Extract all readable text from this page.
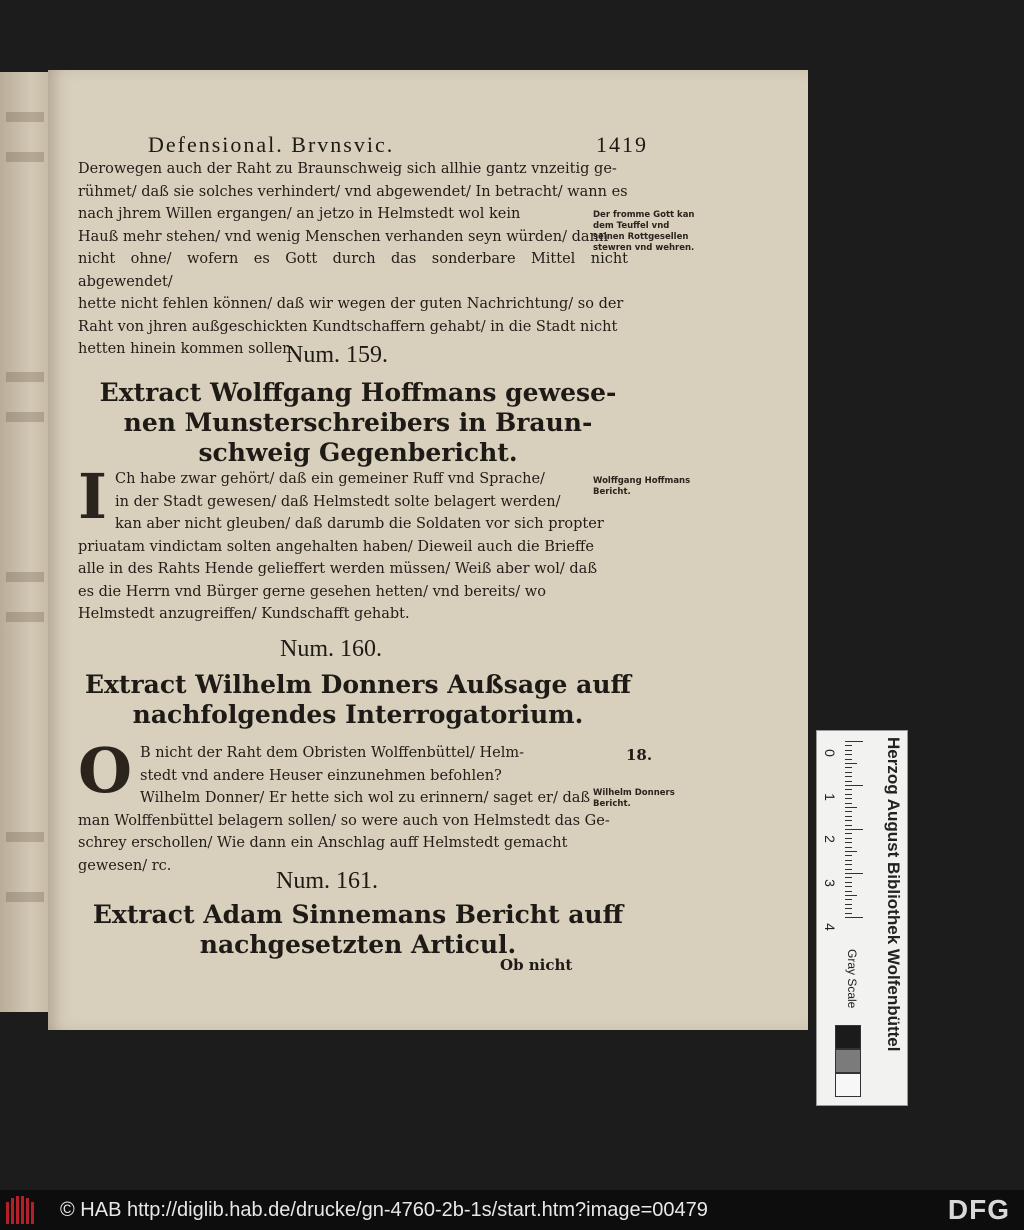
Defensional. Brvnsvic.	1419

Derowegen auch der Raht zu Braunschweig sich allhie gantz vnzeitig ge-

rühmet/ daß sie solches verhindert/ vnd abgewendet/ In betracht/ wann es

nach jhrem Willen ergangen/ an jetzo in Helmstedt wol kein

Hauß mehr stehen/ vnd wenig Menschen verhanden seyn würden/ dann

nicht ohne/ wofern es Gott durch das sonderbare Mittel nicht abgewendet/

hette nicht fehlen können/ daß wir wegen der guten Nachrichtung/ so der

Raht von jhren außgeschickten Kundtschaffern gehabt/ in die Stadt nicht

hetten hinein kommen sollen.

Der fromme Gott kan dem Teuffel vnd seinen Rottgesellen stewren vnd wehren.
Num. 159.
Extract Wolffgang Hoffmans gewese-
nen Munsterschreibers in Braun-
schweig Gegenbericht.
I Ch habe zwar gehört/ daß ein gemeiner Ruff vnd Sprache/

in der Stadt gewesen/ daß Helmstedt solte belagert werden/

kan aber nicht gleuben/ daß darumb die Soldaten vor sich propter

priuatam vindictam solten angehalten haben/ Dieweil auch die Brieffe

alle in des Rahts Hende gelieffert werden müssen/ Weiß aber wol/ daß

es die Herrn vnd Bürger gerne gesehen hetten/ vnd bereits/ wo

Helmstedt anzugreiffen/ Kundschafft gehabt.

Wolffgang Hoffmans Bericht.
Num. 160.
Extract Wilhelm Donners Außsage auff
nachfolgendes Interrogatorium.
18.
O B nicht der Raht dem Obristen Wolffenbüttel/ Helm-

stedt vnd andere Heuser einzunehmen befohlen?

Wilhelm Donner/ Er hette sich wol zu erinnern/ saget er/ daß

man Wolffenbüttel belagern sollen/ so were auch von Helmstedt das Ge-

schrey erschollen/ Wie dann ein Anschlag auff Helmstedt gemacht

gewesen/ rc.

Wilhelm Donners Bericht.
Num. 161.
Extract Adam Sinnemans Bericht auff
nachgesetzten Articul.
Ob nicht
0
1
2
3
4
Gray Scale	Herzog August Bibliothek Wolfenbüttel
© HAB http://diglib.hab.de/drucke/gn-4760-2b-1s/start.htm?image=00479	DFG
